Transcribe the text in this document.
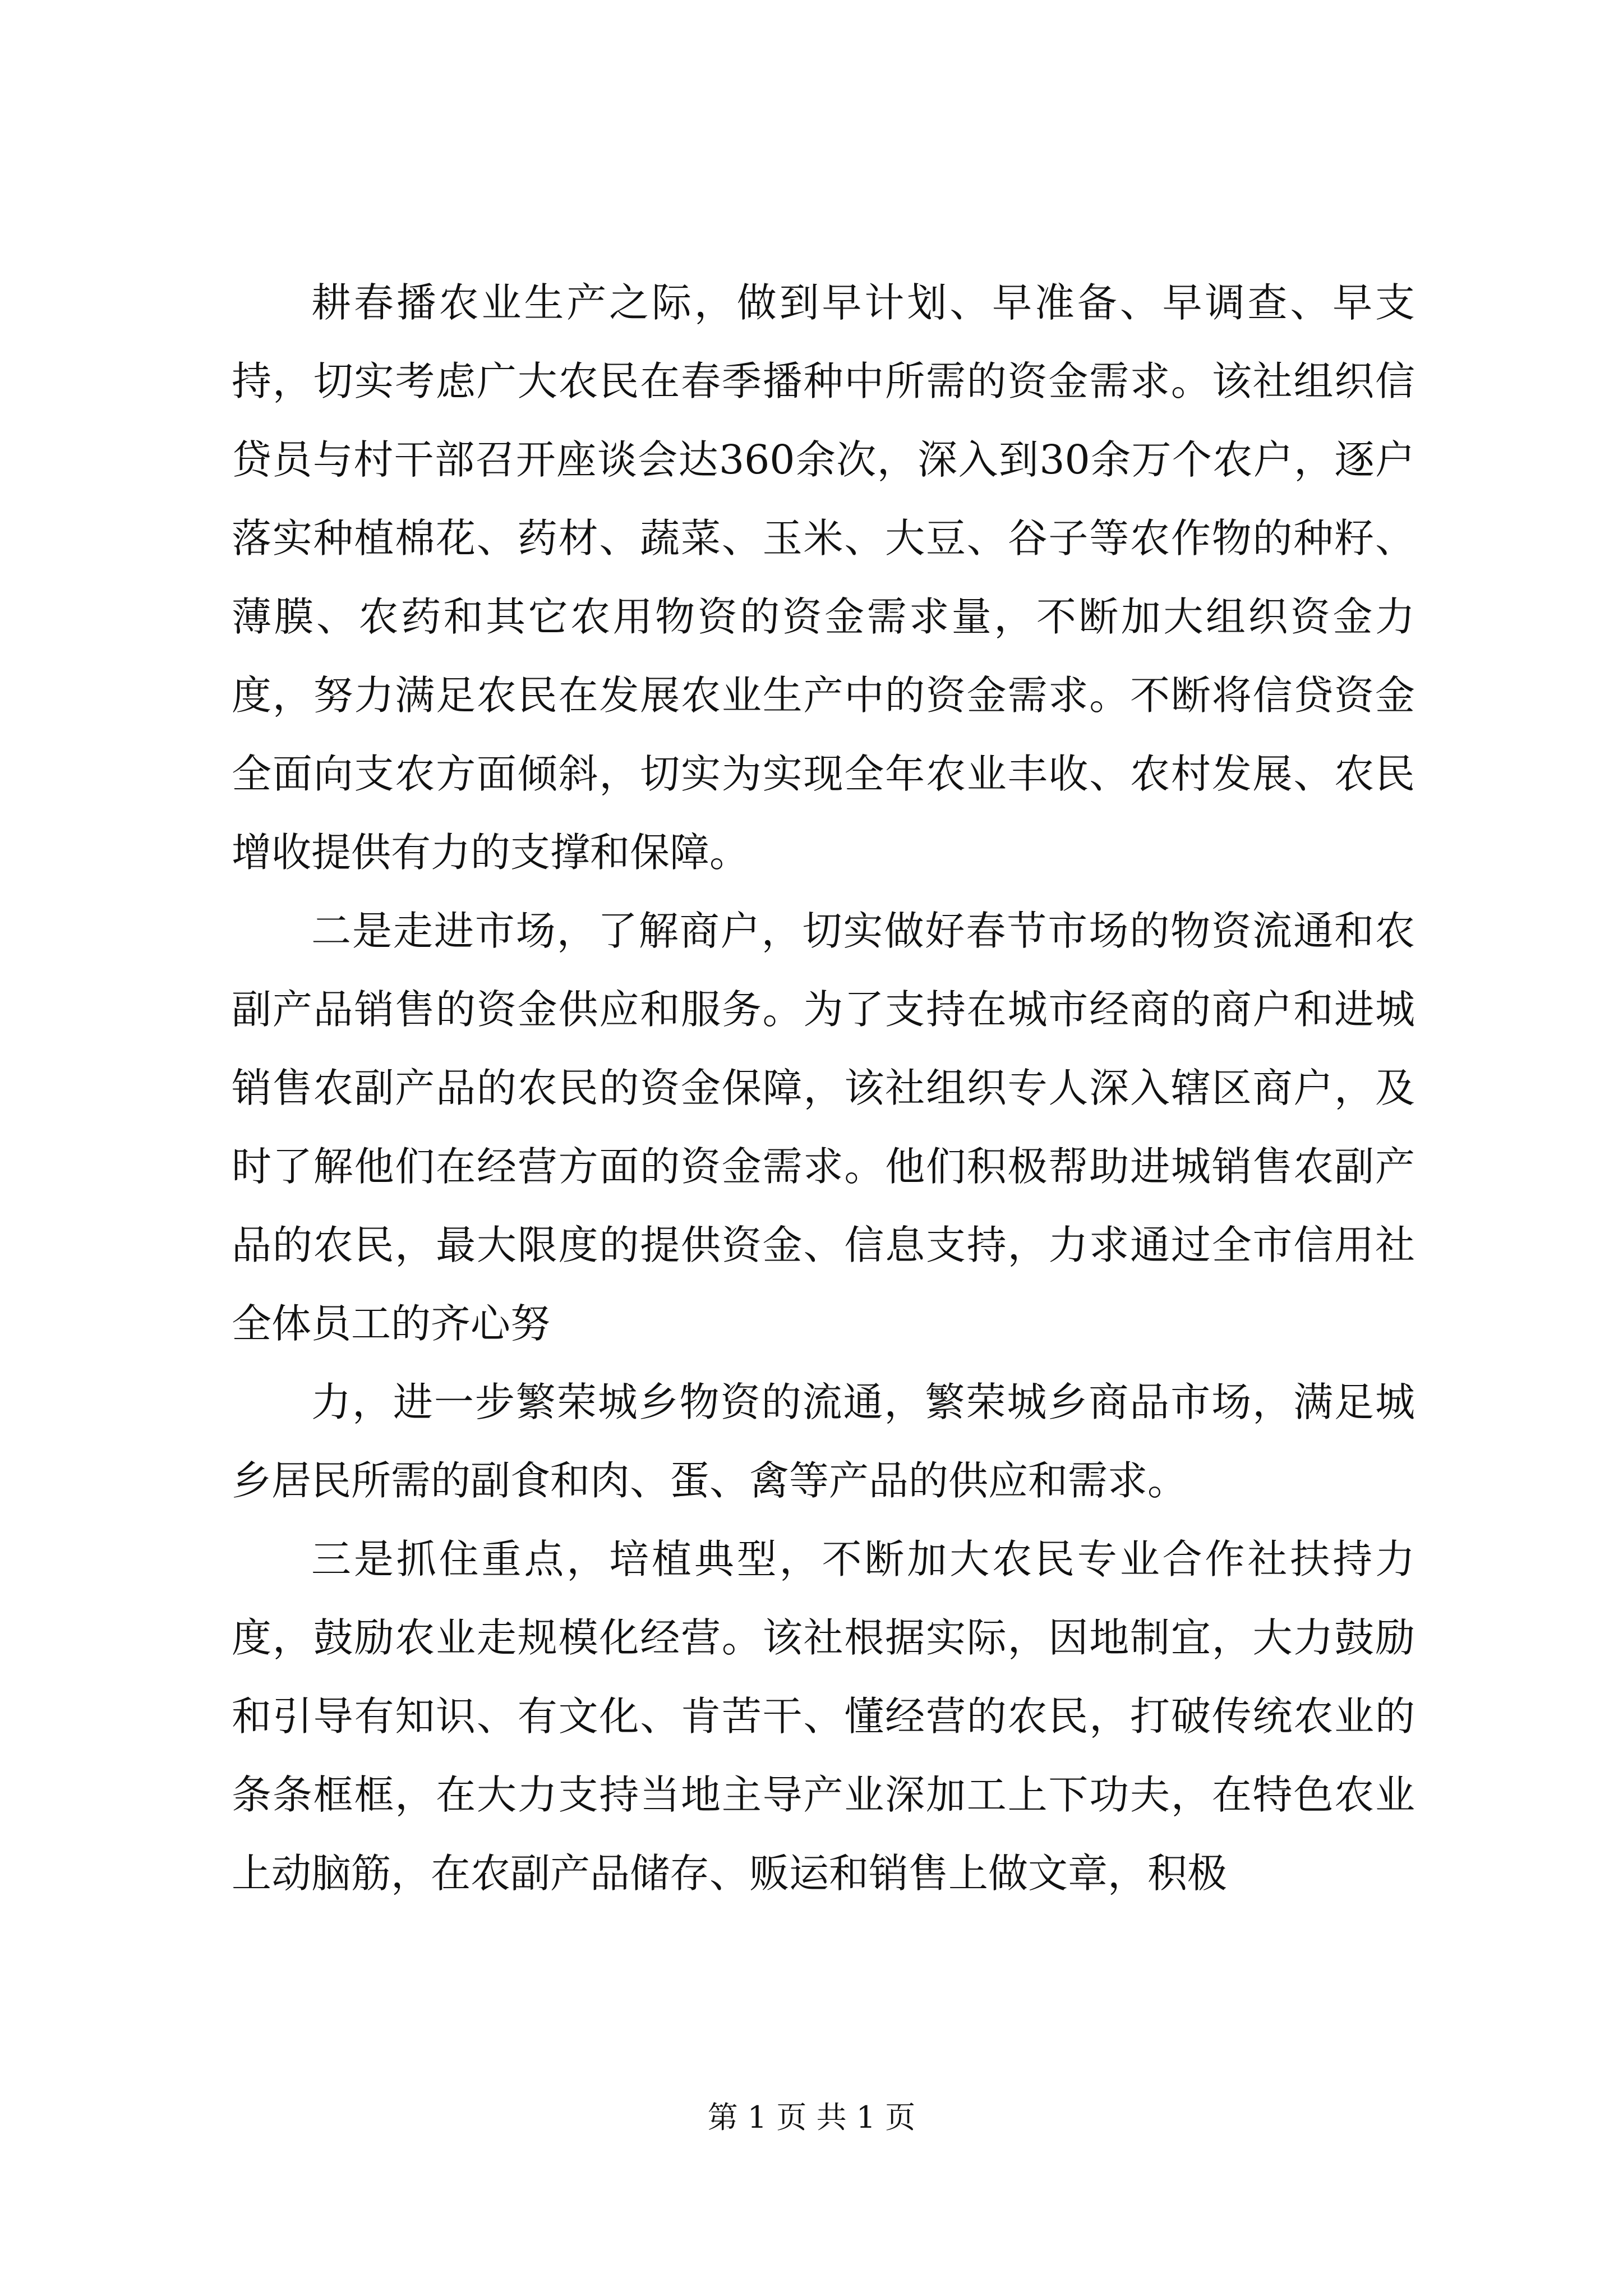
耕春播农业生产之际，做到早计划、早准备、早调查、早支持，切实考虑广大农民在春季播种中所需的资金需求。该社组织信贷员与村干部召开座谈会达360余次，深入到30余万个农户，逐户落实种植棉花、药材、蔬菜、玉米、大豆、谷子等农作物的种籽、薄膜、农药和其它农用物资的资金需求量，不断加大组织资金力度，努力满足农民在发展农业生产中的资金需求。不断将信贷资金全面向支农方面倾斜，切实为实现全年农业丰收、农村发展、农民增收提供有力的支撑和保障。

二是走进市场，了解商户，切实做好春节市场的物资流通和农副产品销售的资金供应和服务。为了支持在城市经商的商户和进城销售农副产品的农民的资金保障，该社组织专人深入辖区商户，及时了解他们在经营方面的资金需求。他们积极帮助进城销售农副产品的农民，最大限度的提供资金、信息支持，力求通过全市信用社全体员工的齐心努

力，进一步繁荣城乡物资的流通，繁荣城乡商品市场，满足城乡居民所需的副食和肉、蛋、禽等产品的供应和需求。

三是抓住重点，培植典型，不断加大农民专业合作社扶持力度，鼓励农业走规模化经营。该社根据实际，因地制宜，大力鼓励和引导有知识、有文化、肯苦干、懂经营的农民，打破传统农业的条条框框，在大力支持当地主导产业深加工上下功夫，在特色农业上动脑筋，在农副产品储存、贩运和销售上做文章，积极

第 1 页 共 1 页
